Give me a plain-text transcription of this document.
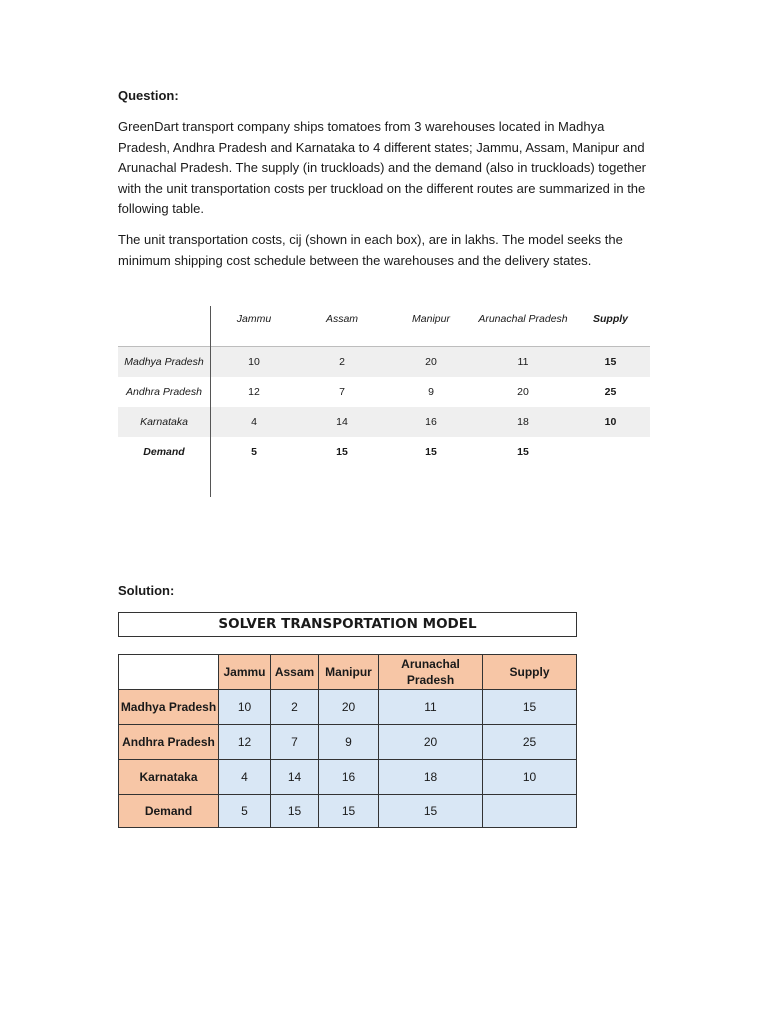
Question:

GreenDart transport company ships tomatoes from 3 warehouses located in Madhya Pradesh, Andhra Pradesh and Karnataka to 4 different states; Jammu, Assam, Manipur and Arunachal Pradesh. The supply (in truckloads) and the demand (also in truckloads) together with the unit transportation costs per truckload on the different routes are summarized in the following table.

The unit transportation costs, cij (shown in each box), are in lakhs. The model seeks the minimum shipping cost schedule between the warehouses and the delivery states.

	Jammu	Assam	Manipur	Arunachal Pradesh	Supply
Madhya Pradesh	10	2	20	11	15
Andhra Pradesh	12	7	9	20	25
Karnataka	4	14	16	18	10
Demand	5	15	15	15	

Solution:
SOLVER TRANSPORTATION MODEL
	Jammu	Assam	Manipur	Arunachal Pradesh	Supply
Madhya Pradesh	10	2	20	11	15
Andhra Pradesh	12	7	9	20	25
Karnataka	4	14	16	18	10
Demand	5	15	15	15	
